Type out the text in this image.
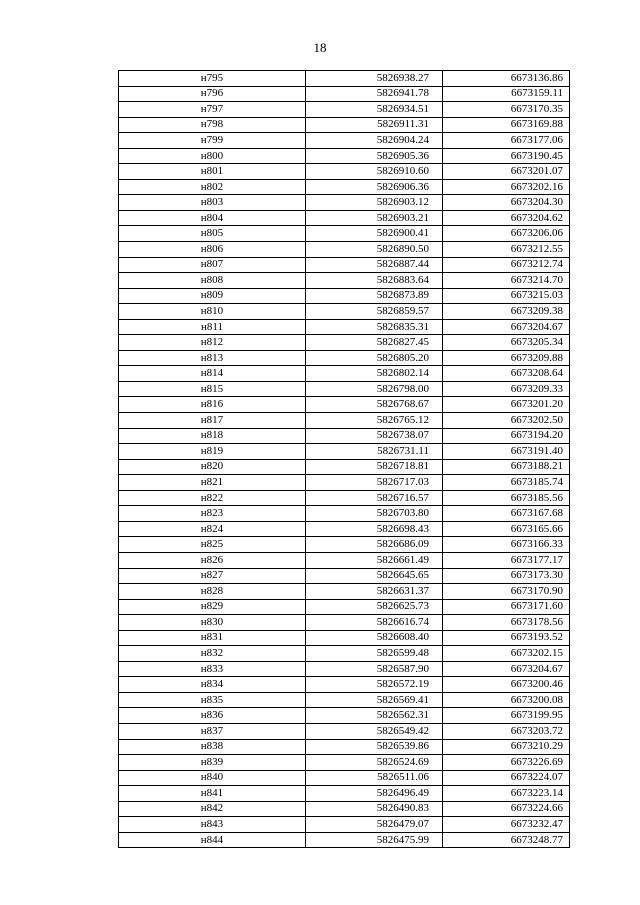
18
н795	5826938.27	6673136.86
н796	5826941.78	6673159.11
н797	5826934.51	6673170.35
н798	5826911.31	6673169.88
н799	5826904.24	6673177.06
н800	5826905.36	6673190.45
н801	5826910.60	6673201.07
н802	5826906.36	6673202.16
н803	5826903.12	6673204.30
н804	5826903.21	6673204.62
н805	5826900.41	6673206.06
н806	5826890.50	6673212.55
н807	5826887.44	6673212.74
н808	5826883.64	6673214.70
н809	5826873.89	6673215.03
н810	5826859.57	6673209.38
н811	5826835.31	6673204.67
н812	5826827.45	6673205.34
н813	5826805.20	6673209.88
н814	5826802.14	6673208.64
н815	5826798.00	6673209.33
н816	5826768.67	6673201.20
н817	5826765.12	6673202.50
н818	5826738.07	6673194.20
н819	5826731.11	6673191.40
н820	5826718.81	6673188.21
н821	5826717.03	6673185.74
н822	5826716.57	6673185.56
н823	5826703.80	6673167.68
н824	5826698.43	6673165.66
н825	5826686.09	6673166.33
н826	5826661.49	6673177.17
н827	5826645.65	6673173.30
н828	5826631.37	6673170.90
н829	5826625.73	6673171.60
н830	5826616.74	6673178.56
н831	5826608.40	6673193.52
н832	5826599.48	6673202.15
н833	5826587.90	6673204.67
н834	5826572.19	6673200.46
н835	5826569.41	6673200.08
н836	5826562.31	6673199.95
н837	5826549.42	6673203.72
н838	5826539.86	6673210.29
н839	5826524.69	6673226.69
н840	5826511.06	6673224.07
н841	5826496.49	6673223.14
н842	5826490.83	6673224.66
н843	5826479.07	6673232.47
н844	5826475.99	6673248.77
